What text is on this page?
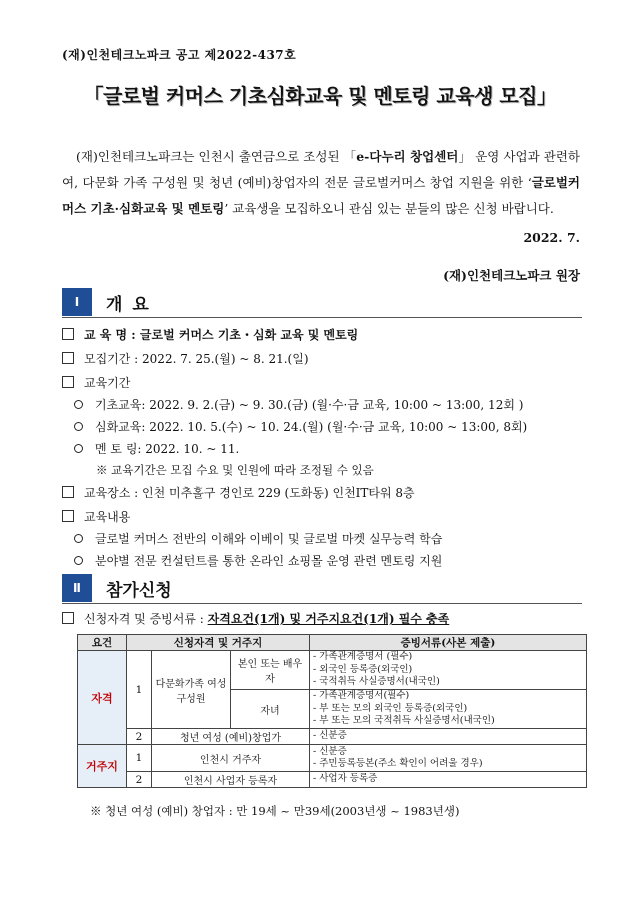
(재)인천테크노파크 공고 제2022-437호
「글로벌 커머스 기초심화교육 및 멘토링 교육생 모집」
(재)인천테크노파크는 인천시 출연금으로 조성된 「e-다누리 창업센터」 운영 사업과 관련하여, 다문화 가족 구성원 및 청년 (예비)창업자의 전문 글로벌커머스 창업 지원을 위한 ‘글로벌커머스 기초·심화교육 및 멘토링’ 교육생을 모집하오니 관심 있는 분들의 많은 신청 바랍니다.
2022. 7.
(재)인천테크노파크 원장
Ⅰ	개 요
교 육 명 : 글로벌 커머스 기초・심화 교육 및 멘토링
모집기간 : 2022. 7. 25.(월) ~ 8. 21.(일)
교육기간
기초교육: 2022. 9. 2.(금) ~ 9. 30.(금) (월·수·금 교육, 10:00 ~ 13:00, 12회 )
심화교육: 2022. 10. 5.(수) ~ 10. 24.(월) (월·수·금 교육, 10:00 ~ 13:00, 8회)
멘 토 링: 2022. 10. ~ 11.
※ 교육기간은 모집 수요 및 인원에 따라 조정될 수 있음
교육장소 : 인천 미추홀구 경인로 229 (도화동) 인천IT타워 8층
교육내용
글로벌 커머스 전반의 이해와 이베이 및 글로벌 마켓 실무능력 학습
분야별 전문 컨설턴트를 통한 온라인 쇼핑몰 운영 관련 멘토링 지원
Ⅱ	참가신청
신청자격 및 증빙서류 : 자격요건(1개) 및 거주지요건(1개) 필수 충족
요건	신청자격 및 거주지			증빙서류(사본 제출)
자격	1	다문화가족 여성 구성원	본인 또는 배우자	- 가족관계증명서 (필수)
- 외국인 등록증(외국인)
- 국적취득 사실증명서(내국인)

			자녀	- 가족관계증명서(필수)
- 부 또는 모의 외국인 등록증(외국인)
- 부 또는 모의 국적취득 사실증명서(내국인)

	2	청년 여성 (예비)창업가		- 신분증

거주지	1	인천시 거주자		- 신분증
- 주민등록등본(주소 확인이 어려울 경우)

	2	인천시 사업자 등록자		- 사업자 등록증
※ 청년 여성 (예비) 창업자 : 만 19세 ~ 만39세(2003년생 ~ 1983년생)
